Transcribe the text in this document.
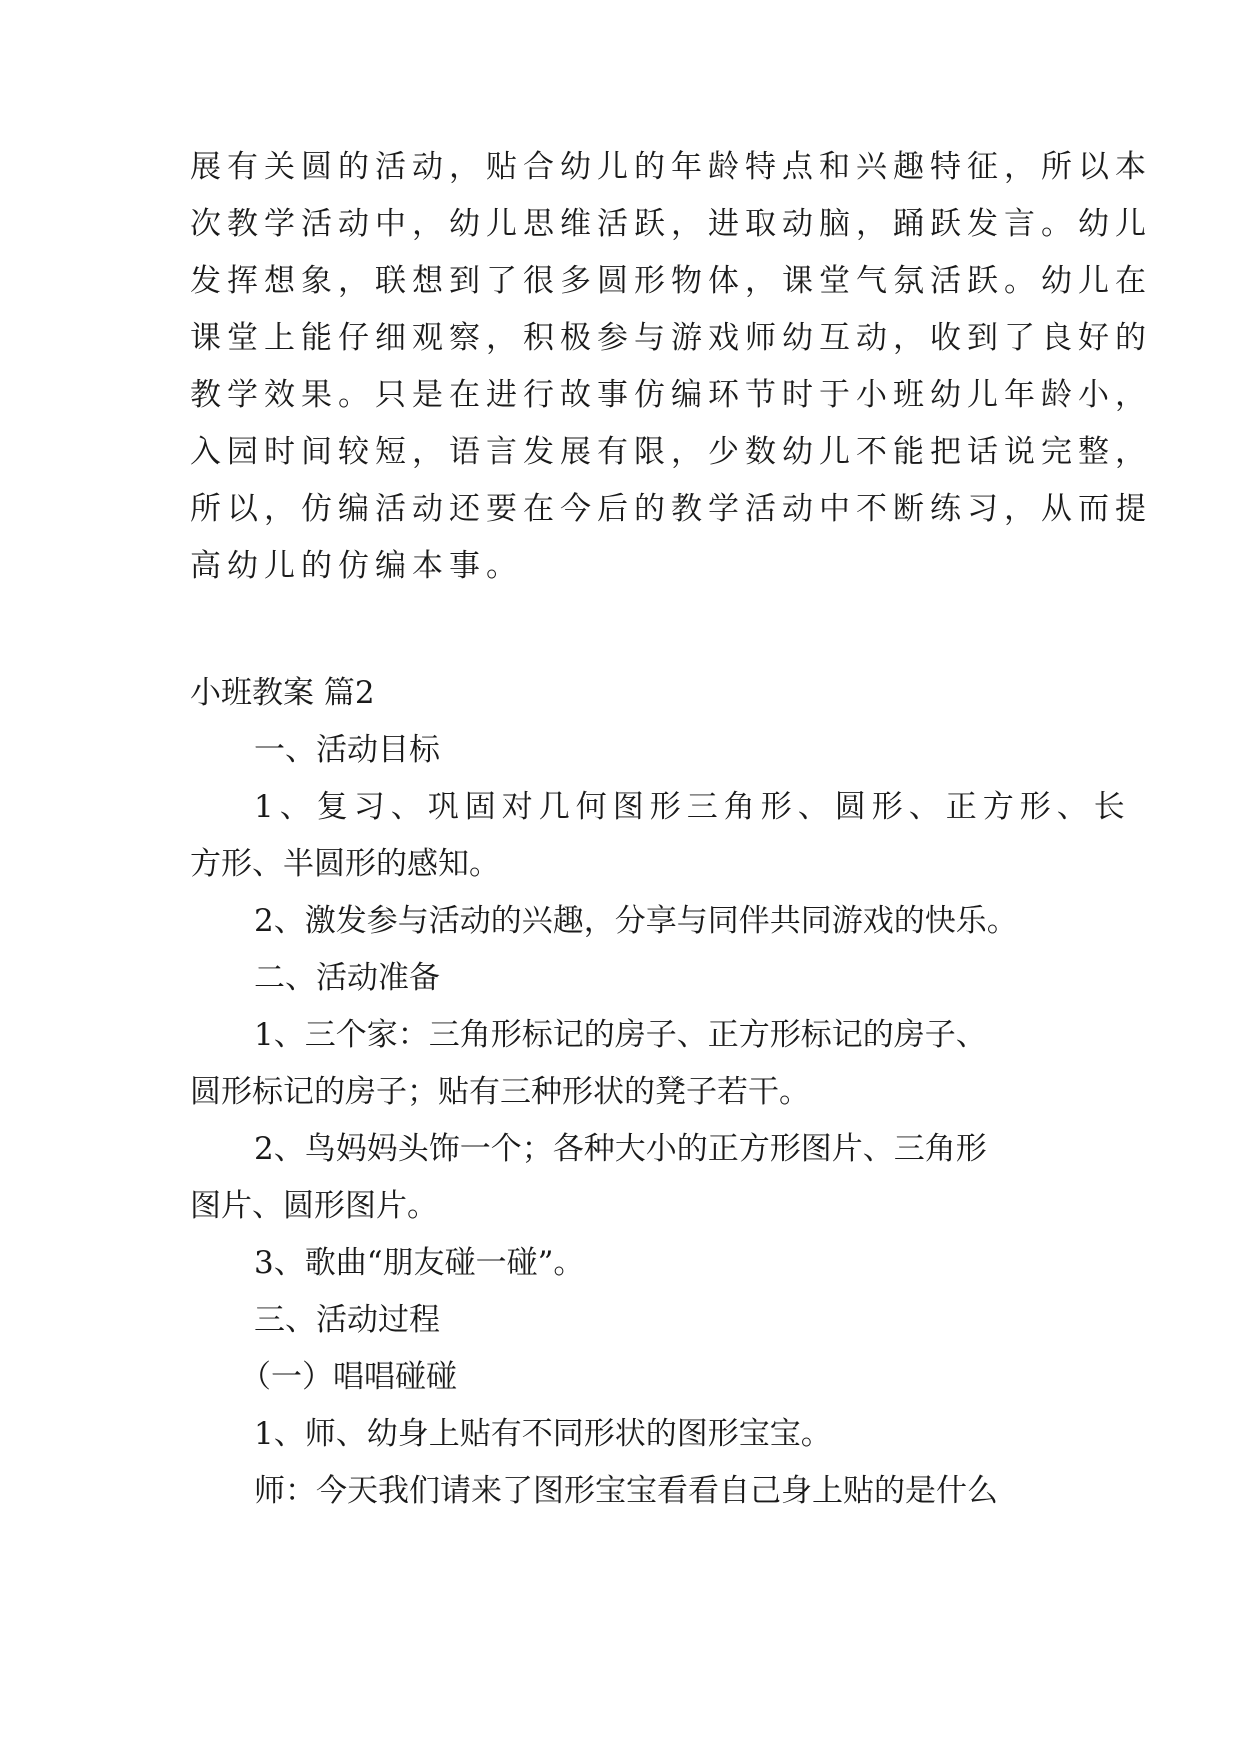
展有关圆的活动，贴合幼儿的年龄特点和兴趣特征，所以本
次教学活动中，幼儿思维活跃，进取动脑，踊跃发言。幼儿
发挥想象，联想到了很多圆形物体，课堂气氛活跃。幼儿在
课堂上能仔细观察，积极参与游戏师幼互动，收到了良好的
教学效果。只是在进行故事仿编环节时于小班幼儿年龄小，
入园时间较短，语言发展有限，少数幼儿不能把话说完整，
所以，仿编活动还要在今后的教学活动中不断练习，从而提
高幼儿的仿编本事。
小班教案 篇2
一、活动目标
1、复习、巩固对几何图形三角形、圆形、正方形、长
方形、半圆形的感知。
2、激发参与活动的兴趣，分享与同伴共同游戏的快乐。
二、活动准备
1、三个家：三角形标记的房子、正方形标记的房子、
圆形标记的房子；贴有三种形状的凳子若干。
2、鸟妈妈头饰一个；各种大小的正方形图片、三角形
图片、圆形图片。
3、歌曲“朋友碰一碰”。
三、活动过程
（一）唱唱碰碰
1、师、幼身上贴有不同形状的图形宝宝。
师：今天我们请来了图形宝宝看看自己身上贴的是什么
